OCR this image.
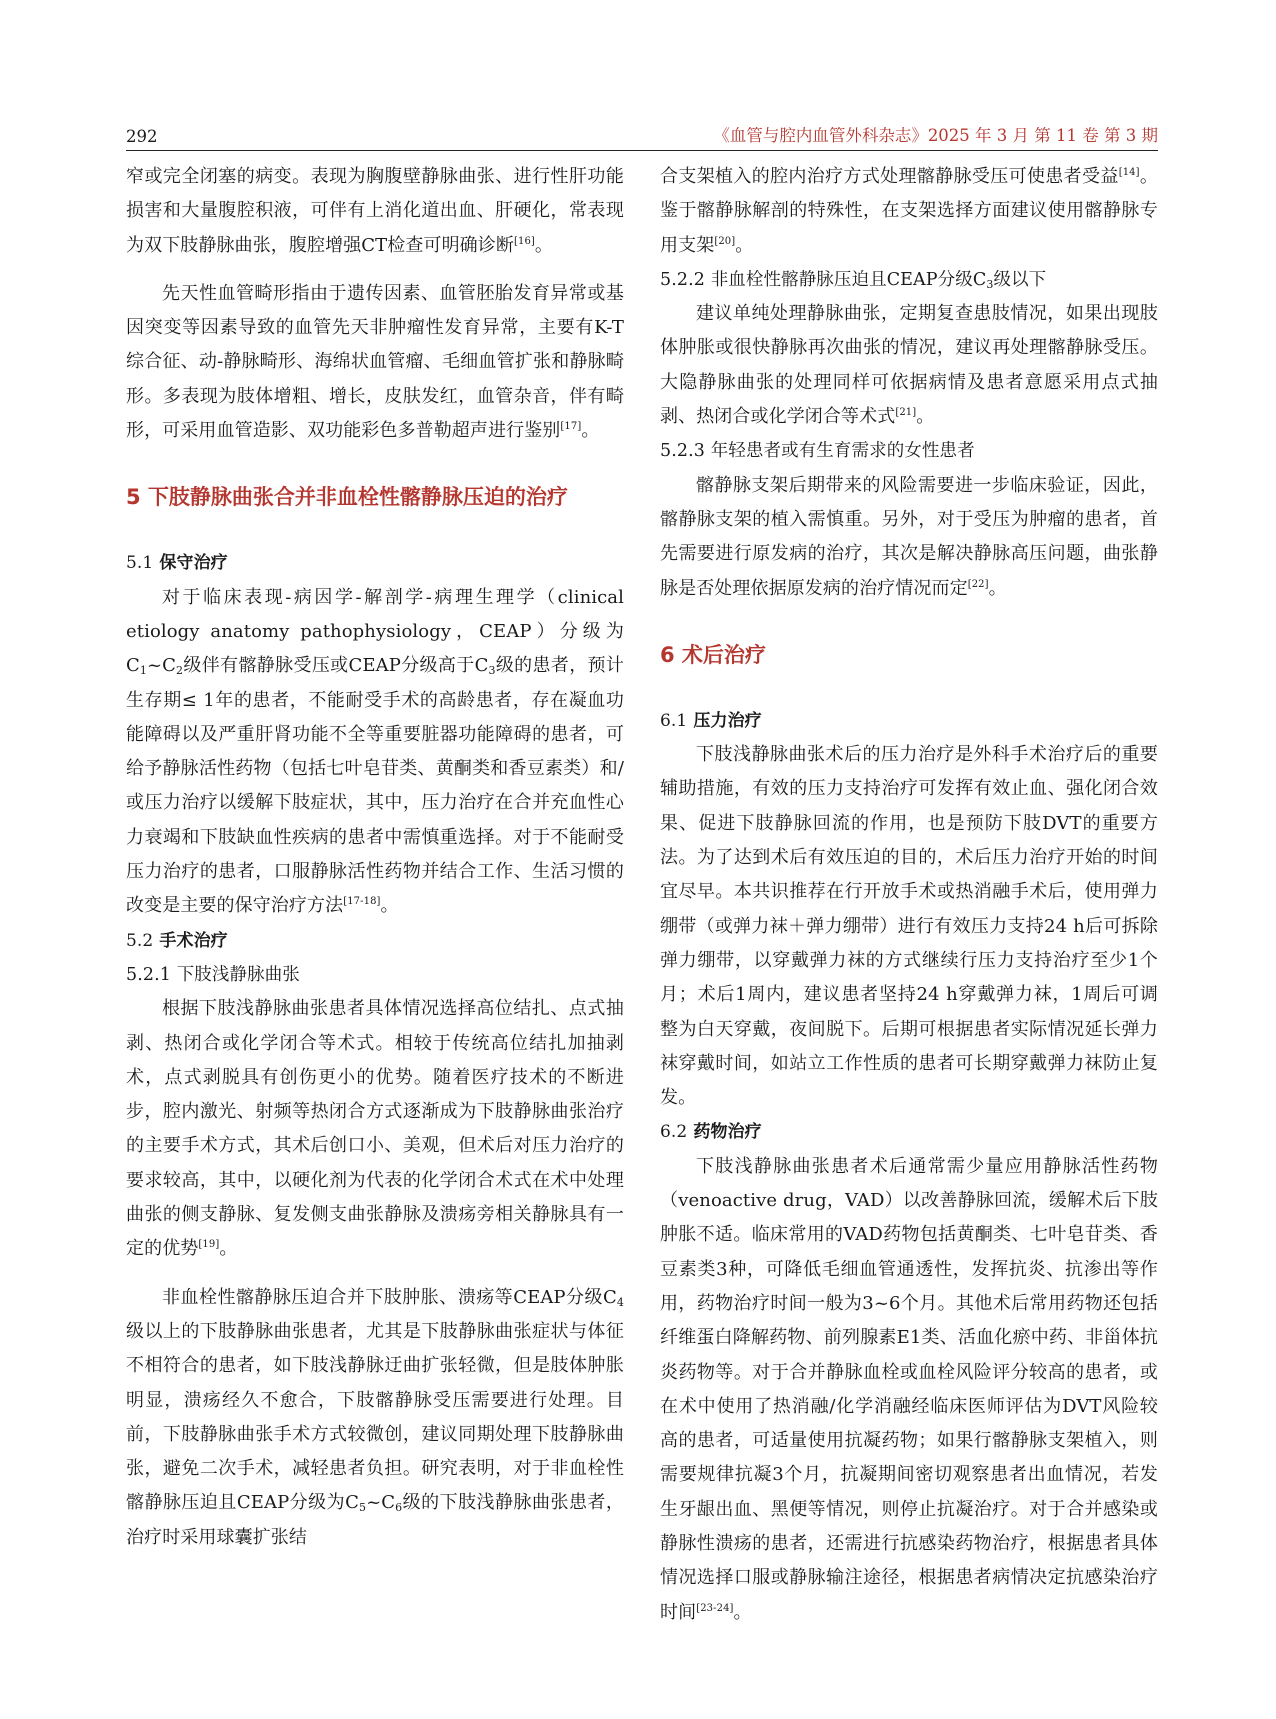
292	《血管与腔内血管外科杂志》2025 年 3 月 第 11 卷 第 3 期

窄或完全闭塞的病变。表现为胸腹壁静脉曲张、进行性肝功能损害和大量腹腔积液，可伴有上消化道出血、肝硬化，常表现为双下肢静脉曲张，腹腔增强CT检查可明确诊断[16]。

先天性血管畸形指由于遗传因素、血管胚胎发育异常或基因突变等因素导致的血管先天非肿瘤性发育异常，主要有K-T综合征、动-静脉畸形、海绵状血管瘤、毛细血管扩张和静脉畸形。多表现为肢体增粗、增长，皮肤发红，血管杂音，伴有畸形，可采用血管造影、双功能彩色多普勒超声进行鉴别[17]。

5 下肢静脉曲张合并非血栓性髂静脉压迫的治疗
5.1 保守治疗

对于临床表现-病因学-解剖学-病理生理学（clinical etiology anatomy pathophysiology，CEAP）分级为$C_1\sim C_2$级伴有髂静脉受压或CEAP分级高于$C_3$级的患者，预计生存期≤ 1年的患者，不能耐受手术的高龄患者，存在凝血功能障碍以及严重肝肾功能不全等重要脏器功能障碍的患者，可给予静脉活性药物（包括七叶皂苷类、黄酮类和香豆素类）和/或压力治疗以缓解下肢症状，其中，压力治疗在合并充血性心力衰竭和下肢缺血性疾病的患者中需慎重选择。对于不能耐受压力治疗的患者，口服静脉活性药物并结合工作、生活习惯的改变是主要的保守治疗方法[17-18]。

5.2 手术治疗
5.2.1 下肢浅静脉曲张

根据下肢浅静脉曲张患者具体情况选择高位结扎、点式抽剥、热闭合或化学闭合等术式。相较于传统高位结扎加抽剥术，点式剥脱具有创伤更小的优势。随着医疗技术的不断进步，腔内激光、射频等热闭合方式逐渐成为下肢静脉曲张治疗的主要手术方式，其术后创口小、美观，但术后对压力治疗的要求较高，其中，以硬化剂为代表的化学闭合术式在术中处理曲张的侧支静脉、复发侧支曲张静脉及溃疡旁相关静脉具有一定的优势[19]。

非血栓性髂静脉压迫合并下肢肿胀、溃疡等CEAP分级$C_4$级以上的下肢静脉曲张患者，尤其是下肢静脉曲张症状与体征不相符合的患者，如下肢浅静脉迂曲扩张轻微，但是肢体肿胀明显，溃疡经久不愈合，下肢髂静脉受压需要进行处理。目前，下肢静脉曲张手术方式较微创，建议同期处理下肢静脉曲张，避免二次手术，减轻患者负担。研究表明，对于非血栓性髂静脉压迫且CEAP分级为$C_5\sim C_6$级的下肢浅静脉曲张患者，治疗时采用球囊扩张结

合支架植入的腔内治疗方式处理髂静脉受压可使患者受益[14]。鉴于髂静脉解剖的特殊性，在支架选择方面建议使用髂静脉专用支架[20]。

5.2.2 非血栓性髂静脉压迫且CEAP分级$C_3$级以下

建议单纯处理静脉曲张，定期复查患肢情况，如果出现肢体肿胀或很快静脉再次曲张的情况，建议再处理髂静脉受压。大隐静脉曲张的处理同样可依据病情及患者意愿采用点式抽剥、热闭合或化学闭合等术式[21]。

5.2.3 年轻患者或有生育需求的女性患者

髂静脉支架后期带来的风险需要进一步临床验证，因此，髂静脉支架的植入需慎重。另外，对于受压为肿瘤的患者，首先需要进行原发病的治疗，其次是解决静脉高压问题，曲张静脉是否处理依据原发病的治疗情况而定[22]。

6 术后治疗
6.1 压力治疗

下肢浅静脉曲张术后的压力治疗是外科手术治疗后的重要辅助措施，有效的压力支持治疗可发挥有效止血、强化闭合效果、促进下肢静脉回流的作用，也是预防下肢DVT的重要方法。为了达到术后有效压迫的目的，术后压力治疗开始的时间宜尽早。本共识推荐在行开放手术或热消融手术后，使用弹力绷带（或弹力袜＋弹力绷带）进行有效压力支持24 h后可拆除弹力绷带，以穿戴弹力袜的方式继续行压力支持治疗至少1个月；术后1周内，建议患者坚持24 h穿戴弹力袜，1周后可调整为白天穿戴，夜间脱下。后期可根据患者实际情况延长弹力袜穿戴时间，如站立工作性质的患者可长期穿戴弹力袜防止复发。

6.2 药物治疗

下肢浅静脉曲张患者术后通常需少量应用静脉活性药物（venoactive drug，VAD）以改善静脉回流，缓解术后下肢肿胀不适。临床常用的VAD药物包括黄酮类、七叶皂苷类、香豆素类3种，可降低毛细血管通透性，发挥抗炎、抗渗出等作用，药物治疗时间一般为3~6个月。其他术后常用药物还包括纤维蛋白降解药物、前列腺素E1类、活血化瘀中药、非甾体抗炎药物等。对于合并静脉血栓或血栓风险评分较高的患者，或在术中使用了热消融/化学消融经临床医师评估为DVT风险较高的患者，可适量使用抗凝药物；如果行髂静脉支架植入，则需要规律抗凝3个月，抗凝期间密切观察患者出血情况，若发生牙龈出血、黑便等情况，则停止抗凝治疗。对于合并感染或静脉性溃疡的患者，还需进行抗感染药物治疗，根据患者具体情况选择口服或静脉输注途径，根据患者病情决定抗感染治疗时间[23-24]。
